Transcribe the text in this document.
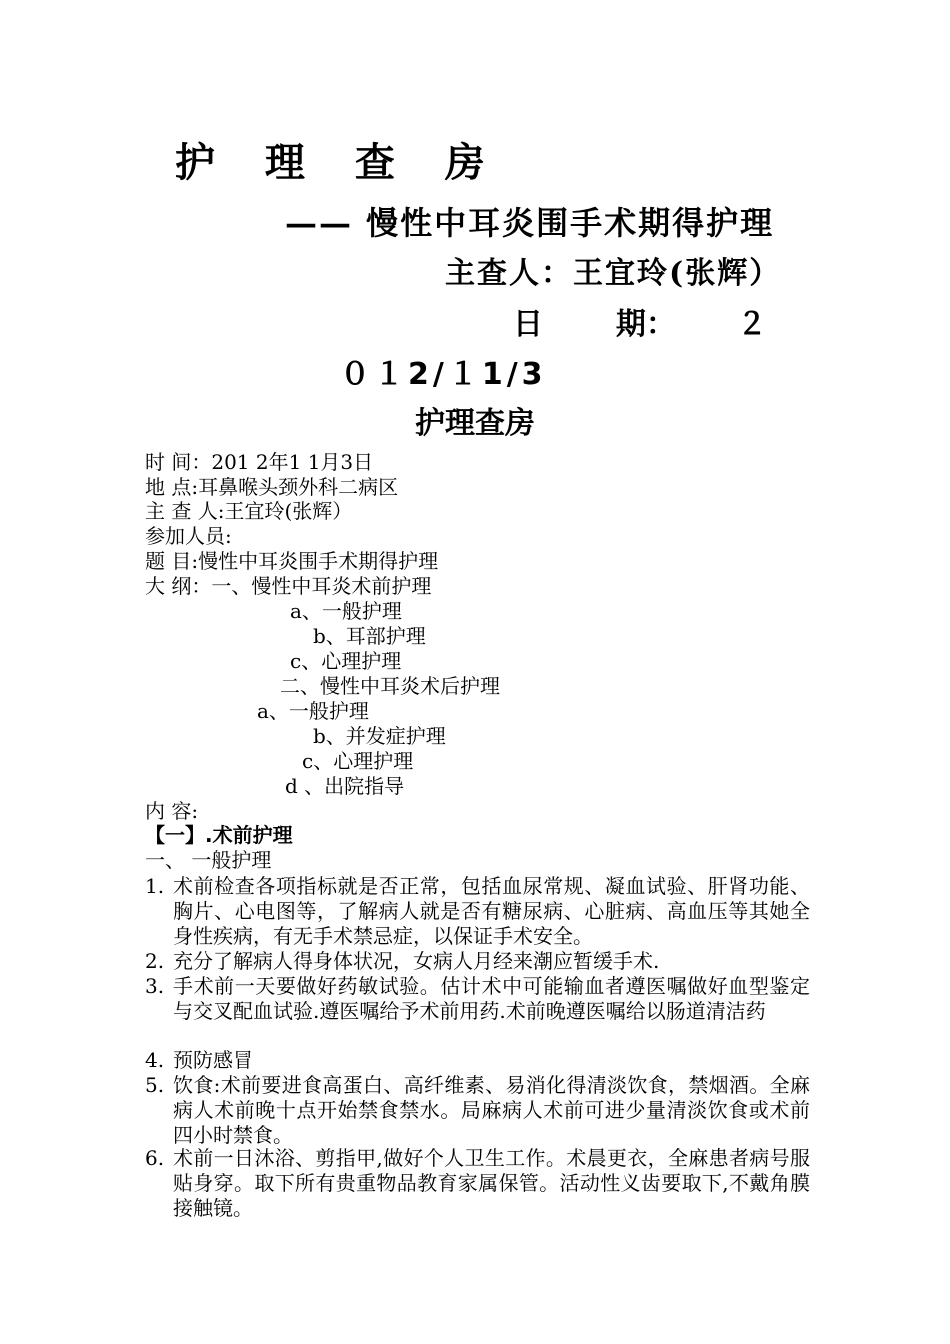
护 理 查 房
—— 慢性中耳炎围手术期得护理
主查人：王宜玲(张辉）
日 期： ２
０１2/１1/3
护理查房
时 间：201 2年1 1月3日
地 点:耳鼻喉头颈外科二病区
主 查 人:王宜玲(张辉）
参加人员:
题 目:慢性中耳炎围手术期得护理
大 纲：一、慢性中耳炎术前护理
a、一般护理
b、耳部护理
c、心理护理
二、慢性中耳炎术后护理
a、一般护理
b、并发症护理
c、心理护理
d 、出院指导
内 容:
【一】.术前护理
一、 一般护理
1. 术前检查各项指标就是否正常，包括血尿常规、凝血试验、肝肾功能、胸片、心电图等，了解病人就是否有糖尿病、心脏病、高血压等其她全身性疾病，有无手术禁忌症，以保证手术安全。
2. 充分了解病人得身体状况，女病人月经来潮应暂缓手术.
3. 手术前一天要做好药敏试验。估计术中可能输血者遵医嘱做好血型鉴定与交叉配血试验.遵医嘱给予术前用药.术前晚遵医嘱给以肠道清洁药
4. 预防感冒
5. 饮食:术前要进食高蛋白、高纤维素、易消化得清淡饮食，禁烟酒。全麻病人术前晚十点开始禁食禁水。局麻病人术前可进少量清淡饮食或术前四小时禁食。
6. 术前一日沐浴、剪指甲,做好个人卫生工作。术晨更衣，全麻患者病号服贴身穿。取下所有贵重物品教育家属保管。活动性义齿要取下,不戴角膜接触镜。
